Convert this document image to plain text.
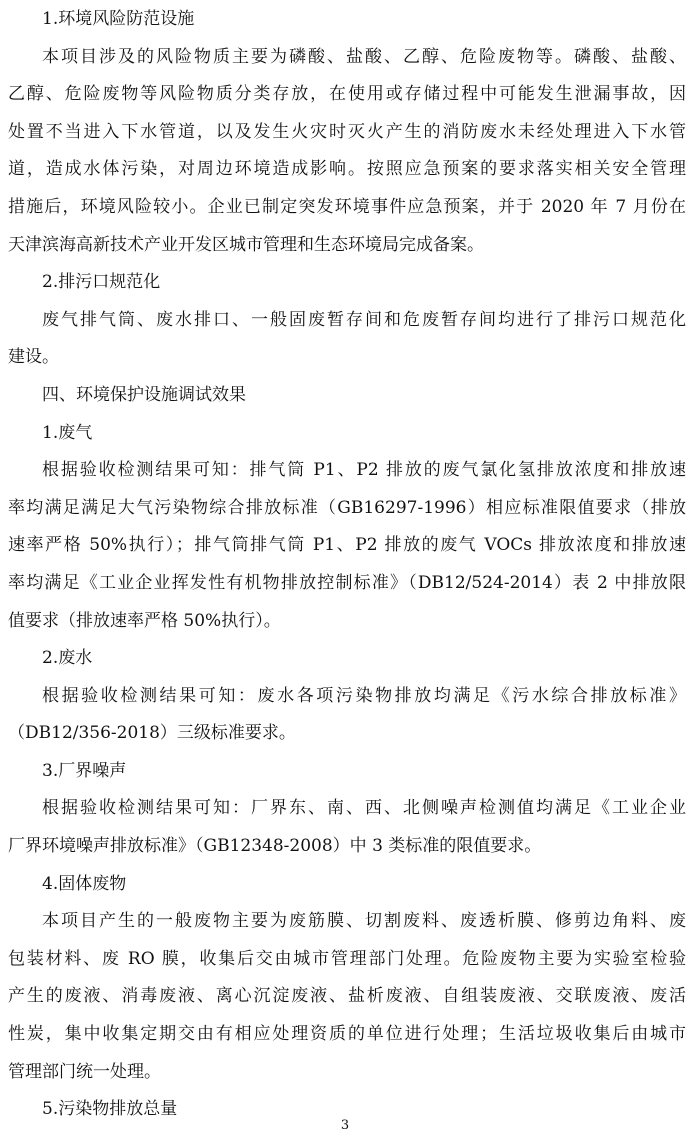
1.环境风险防范设施
本项目涉及的风险物质主要为磷酸、盐酸、乙醇、危险废物等。磷酸、盐酸、
乙醇、危险废物等风险物质分类存放，在使用或存储过程中可能发生泄漏事故，因
处置不当进入下水管道，以及发生火灾时灭火产生的消防废水未经处理进入下水管
道，造成水体污染，对周边环境造成影响。按照应急预案的要求落实相关安全管理
措施后，环境风险较小。企业已制定突发环境事件应急预案，并于 2020 年 7 月份在
天津滨海高新技术产业开发区城市管理和生态环境局完成备案。
2.排污口规范化
废气排气筒、废水排口、一般固废暂存间和危废暂存间均进行了排污口规范化
建设。
四、环境保护设施调试效果
1.废气
根据验收检测结果可知：排气筒 P1、P2 排放的废气氯化氢排放浓度和排放速
率均满足满足大气污染物综合排放标准（GB16297-1996）相应标准限值要求（排放
速率严格 50%执行）；排气筒排气筒 P1、P2 排放的废气 VOCs 排放浓度和排放速
率均满足《工业企业挥发性有机物排放控制标准》（DB12/524-2014）表 2 中排放限
值要求（排放速率严格 50%执行）。
2.废水
根据验收检测结果可知：废水各项污染物排放均满足《污水综合排放标准》
（DB12/356-2018）三级标准要求。
3.厂界噪声
根据验收检测结果可知：厂界东、南、西、北侧噪声检测值均满足《工业企业
厂界环境噪声排放标准》（GB12348-2008）中 3 类标准的限值要求。
4.固体废物
本项目产生的一般废物主要为废筋膜、切割废料、废透析膜、修剪边角料、废
包装材料、废 RO 膜，收集后交由城市管理部门处理。危险废物主要为实验室检验
产生的废液、消毒废液、离心沉淀废液、盐析废液、自组装废液、交联废液、废活
性炭，集中收集定期交由有相应处理资质的单位进行处理；生活垃圾收集后由城市
管理部门统一处理。
5.污染物排放总量
3
